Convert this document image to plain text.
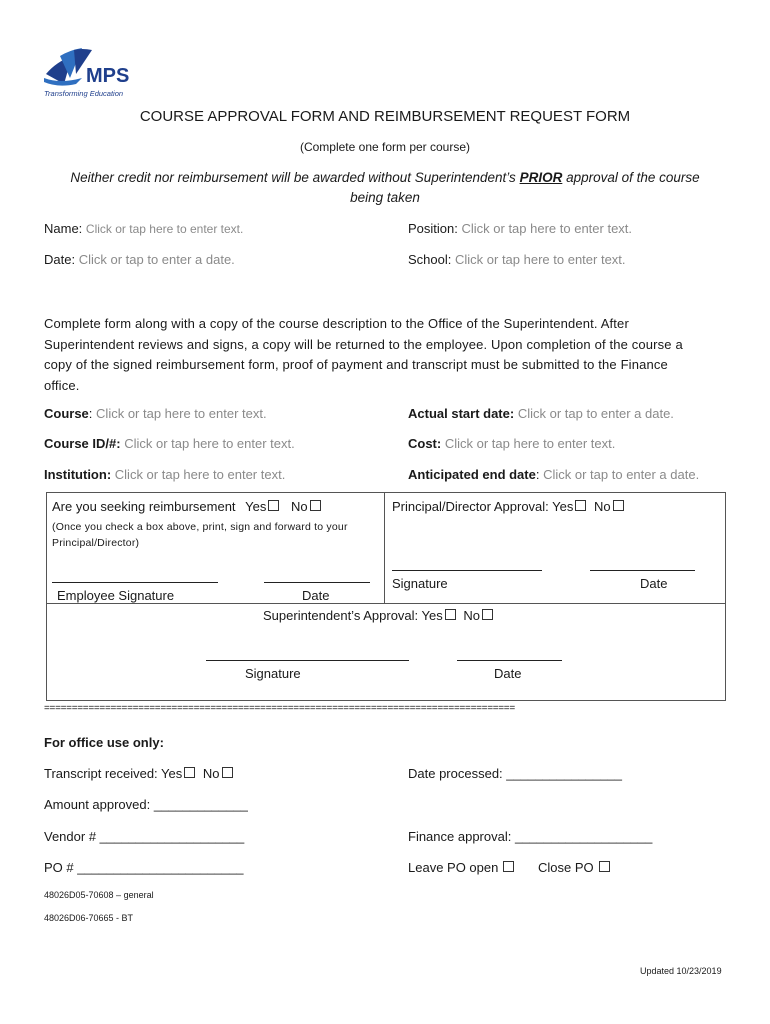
MPS
Transforming Education
COURSE APPROVAL FORM AND REIMBURSEMENT REQUEST FORM
(Complete one form per course)
Neither credit nor reimbursement will be awarded without Superintendent’s PRIOR approval of the course
being taken
Name: Click or tap here to enter text.	Position: Click or tap here to enter text.
Date: Click or tap to enter a date.	School: Click or tap here to enter text.
Complete form along with a copy of the course description to the Office of the Superintendent. After
Superintendent reviews and signs, a copy will be returned to the employee. Upon completion of the course a
copy of the signed reimbursement form, proof of payment and transcript must be submitted to the Finance
office.
Course: Click or tap here to enter text.	Actual start date: Click or tap to enter a date.
Course ID/#: Click or tap here to enter text.	Cost: Click or tap here to enter text.
Institution: Click or tap here to enter text.	Anticipated end date: Click or tap to enter a date.
Are you seeking reimbursement Yes No
(Once you check a box above, print, sign and forward to your
Principal/Director)
Employee Signature	Date
Principal/Director Approval: Yes No
Signature	Date
Superintendent’s Approval: Yes No
Signature	Date
=====================================================================================
For office use only:
Transcript received: Yes No	Date processed: ________________
Amount approved: _____________
Vendor # ____________________	Finance approval: ___________________
PO # _______________________	Leave PO open	Close PO
48026D05-70608 – general
48026D06-70665 - BT
Updated 10/23/2019
